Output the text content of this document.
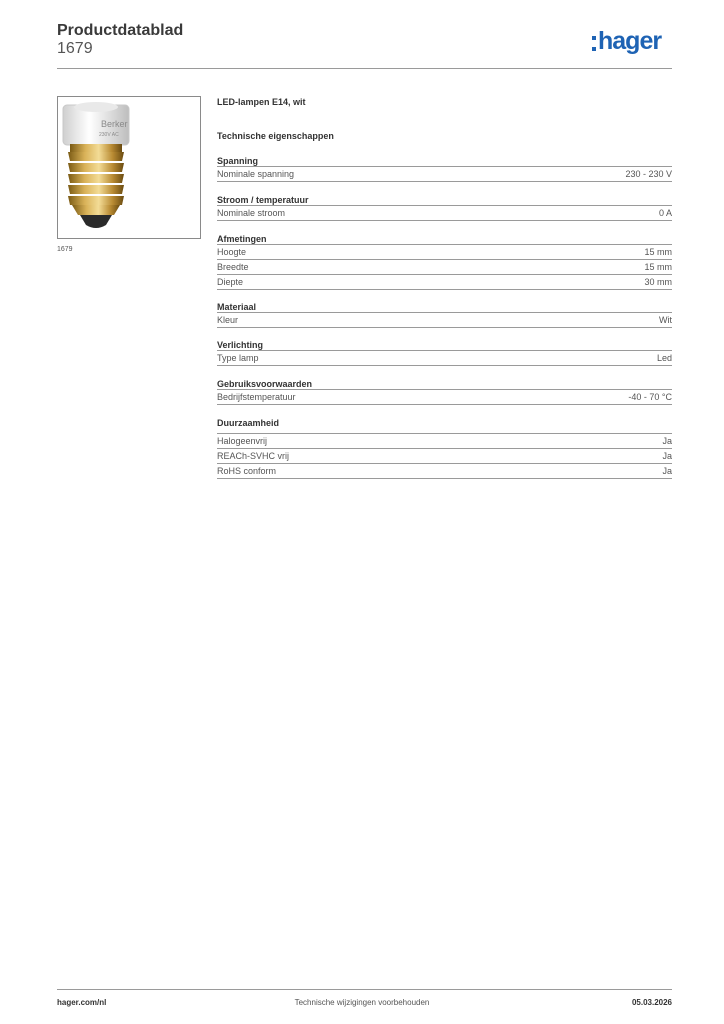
Productdatablad
1679	hager
Berker
230V AC
1679
LED-lampen E14, wit
Technische eigenschappen
Spanning
Nominale spanning	230 - 230 V
Stroom / temperatuur
Nominale stroom	0 A
Afmetingen
Hoogte	15 mm
Breedte	15 mm
Diepte	30 mm
Materiaal
Kleur	Wit
Verlichting
Type lamp	Led
Gebruiksvoorwaarden
Bedrijfstemperatuur	-40 - 70 °C
Duurzaamheid
Halogeenvrij	Ja
REACh-SVHC vrij	Ja
RoHS conform	Ja
hager.com/nl	Technische wijzigingen voorbehouden	05.03.2026
